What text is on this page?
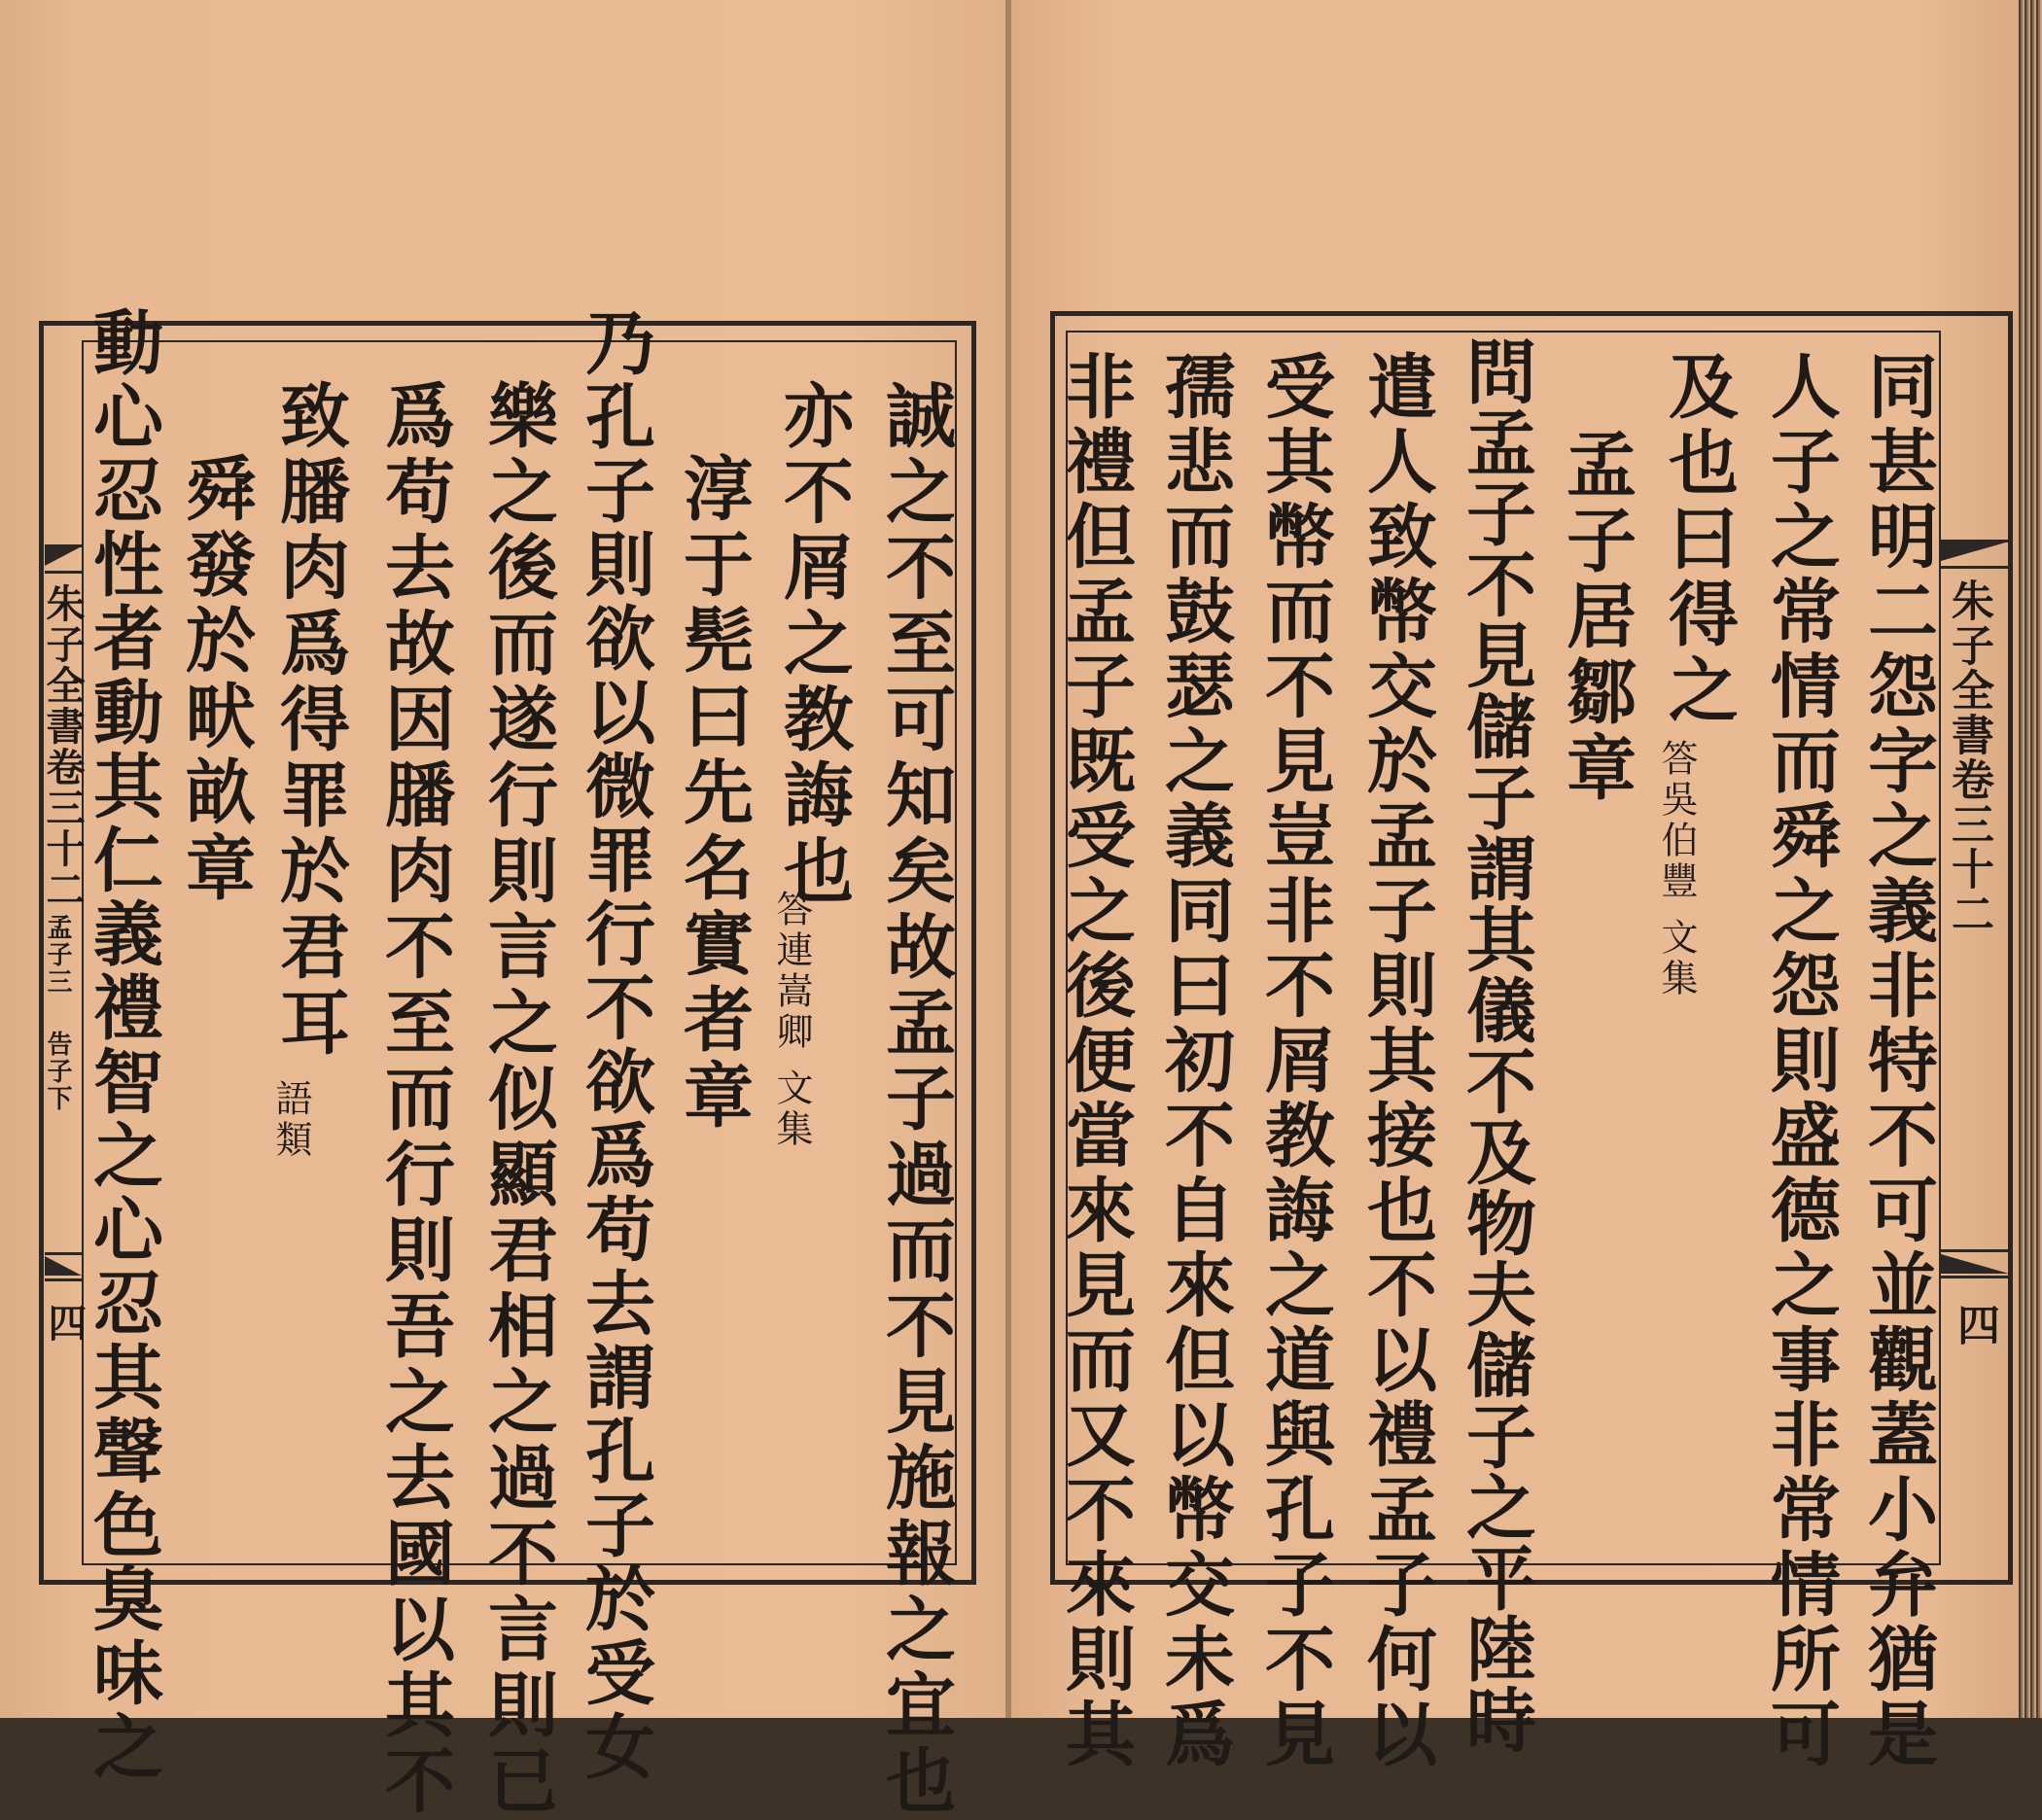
朱子全書卷三十二
孟子三
告子下
四	誠之不至可知矣故孟子過而不見施報之宜也
亦不屑之教誨也
答連嵩卿 文集
淳于髡曰先名實者章
乃孔子則欲以微罪行不欲爲苟去謂孔子於受女
樂之後而遂行則言之似顯君相之過不言則已
爲苟去故因膰肉不至而行則吾之去國以其不
致膰肉爲得罪於君耳
語類
舜發於畎畝章
動心忍性者動其仁義禮智之心忍其聲色臭味之	朱子全書卷三十二
四
同甚明二怨字之義非特不可並觀蓋小弁猶是
人子之常情而舜之怨則盛德之事非常情所可
及也曰得之
答吳伯豐 文集
孟子居鄒章
問孟子不見儲子謂其儀不及物夫儲子之平陸時
遣人致幣交於孟子則其接也不以禮孟子何以
受其幣而不見豈非不屑教誨之道與孔子不見
孺悲而鼓瑟之義同曰初不自來但以幣交未爲
非禮但孟子既受之後便當來見而又不來則其
